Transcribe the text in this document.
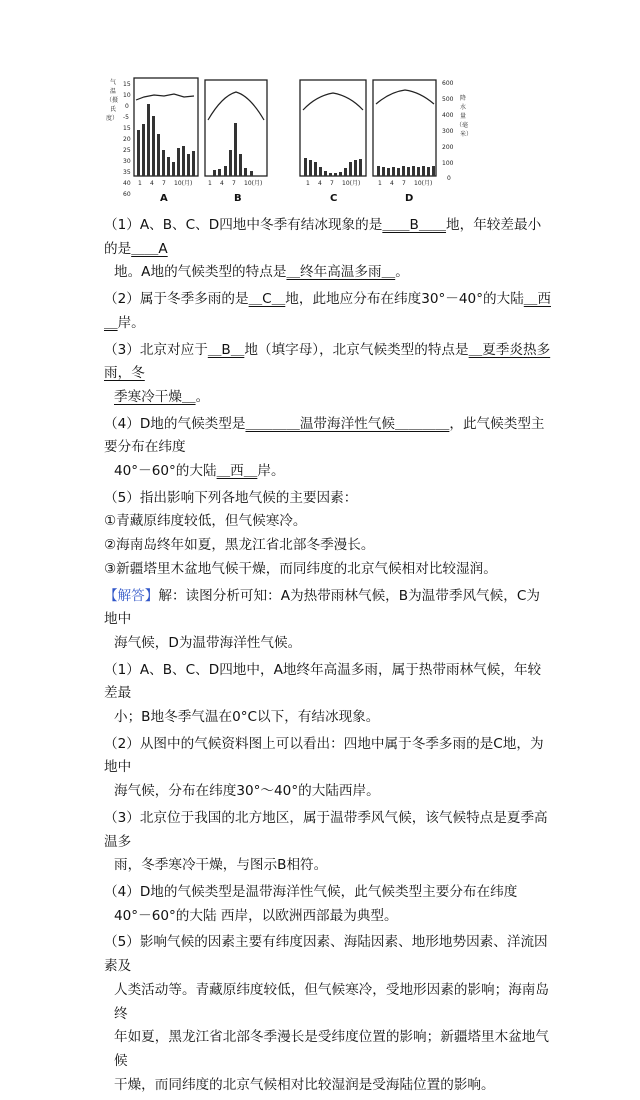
气
温
（摄
氏
度）
15
10
0
-5
15
20
25
30
35
40
60
1 4 7 10(月)
A
1 4 7 10(月)
B
1 4 7 10(月)
C
1 4 7 10(月)
D
600
500
400
300
200
100
0
降
水
量
（毫
米）
（1）A、B、C、D四地中冬季有结冰现象的是＿＿B＿＿地，年较差最小的是＿＿A
地。A地的气候类型的特点是＿终年高温多雨＿。
（2）属于冬季多雨的是＿C＿地，此地应分布在纬度30°－40°的大陆＿西＿岸。
（3）北京对应于＿B＿地（填字母），北京气候类型的特点是＿夏季炎热多雨，冬
季寒冷干燥＿。
（4）D地的气候类型是＿＿＿＿温带海洋性气候＿＿＿＿，此气候类型主要分布在纬度
40°－60°的大陆＿西＿岸。
（5）指出影响下列各地气候的主要因素：
①青藏原纬度较低，但气候寒冷。
②海南岛终年如夏，黑龙江省北部冬季漫长。
③新疆塔里木盆地气候干燥，而同纬度的北京气候相对比较湿润。
【解答】解：读图分析可知：A为热带雨林气候，B为温带季风气候，C为地中
海气候，D为温带海洋性气候。
（1）A、B、C、D四地中，A地终年高温多雨，属于热带雨林气候，年较差最
小；B地冬季气温在0°C以下，有结冰现象。
（2）从图中的气候资料图上可以看出：四地中属于冬季多雨的是C地，为地中
海气候，分布在纬度30°～40°的大陆西岸。
（3）北京位于我国的北方地区，属于温带季风气候，该气候特点是夏季高温多
雨，冬季寒冷干燥，与图示B相符。
（4）D地的气候类型是温带海洋性气候，此气候类型主要分布在纬度
40°－60°的大陆 西岸，以欧洲西部最为典型。
（5）影响气候的因素主要有纬度因素、海陆因素、地形地势因素、洋流因素及
人类活动等。青藏原纬度较低，但气候寒冷，受地形因素的影响；海南岛终
年如夏，黑龙江省北部冬季漫长是受纬度位置的影响；新疆塔里木盆地气候
干燥，而同纬度的北京气候相对比较湿润是受海陆位置的影响。
